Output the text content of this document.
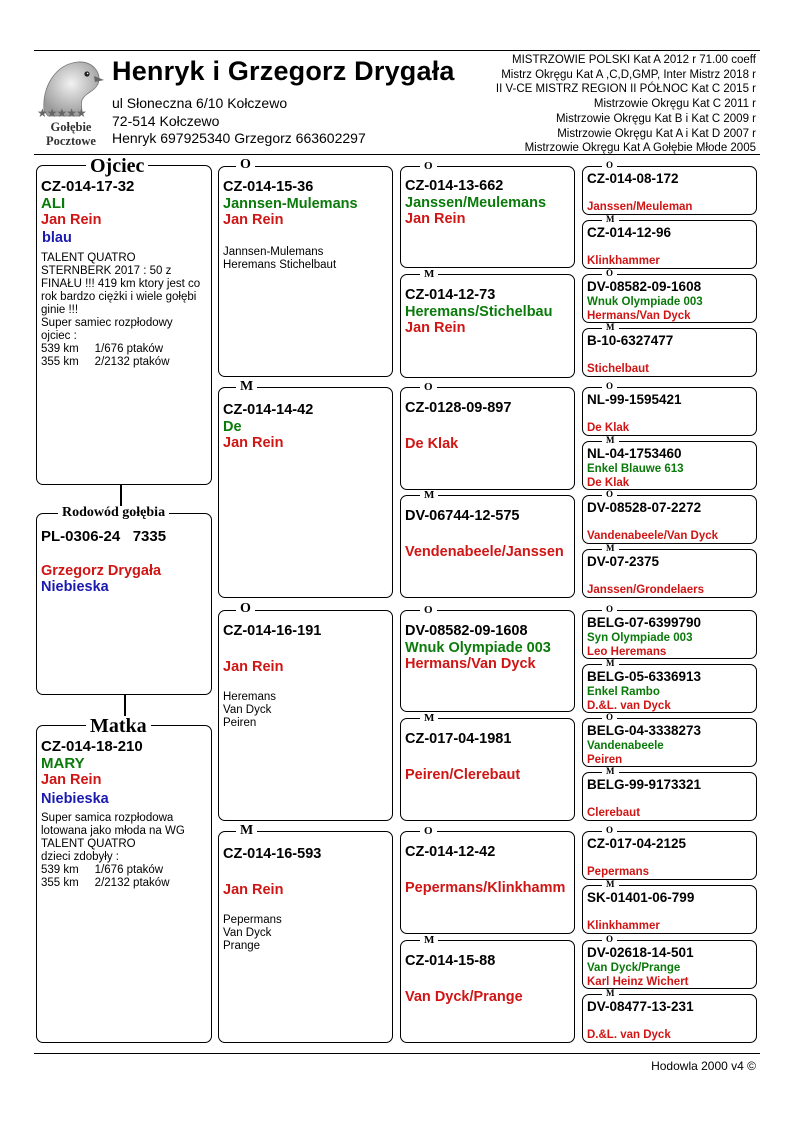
★★★★★
Gołębie
Pocztowe
Henryk i Grzegorz Drygała
ul Słoneczna 6/10 Kołczewo
72-514 Kołczewo
Henryk 697925340 Grzegorz 663602297
MISTRZOWIE POLSKI Kat A 2012 r 71.00 coeff
Mistrz Okręgu Kat A ,C,D,GMP, Inter Mistrz 2018 r
II V-CE MISTRZ REGION II PÓŁNOC Kat C 2015 r
Mistrzowie Okręgu Kat C 2011 r
Mistrzowie Okręgu Kat B i Kat C 2009 r
Mistrzowie Okręgu Kat A i Kat D 2007 r
Mistrzowie Okręgu Kat A Gołębie Młode 2005
CZ-014-17-32
ALI
Jan Rein
blau
TALENT QUATRO
STERNBERK 2017 : 50 z
FINAŁU !!! 419 km ktory jest co
rok bardzo ciężki i wiele gołębi
ginie !!!
Super samiec rozpłodowy
ojciec :
539 km     1/676 ptaków
355 km     2/2132 ptaków
Ojciec
PL-0306-24   7335
Grzegorz Drygała
Niebieska
Rodowód gołębia
CZ-014-18-210
MARY
Jan Rein
Niebieska
Super samica rozpłodowa
lotowana jako młoda na WG
TALENT QUATRO
dzieci zdobyły :
539 km     1/676 ptaków
355 km     2/2132 ptaków
Matka
CZ-014-15-36
Jannsen-Mulemans
Jan Rein
Jannsen-Mulemans
Heremans Stichelbaut
O
CZ-014-14-42
De
Jan Rein
M
CZ-014-16-191
Jan Rein
Heremans
Van Dyck
Peiren
O
CZ-014-16-593
Jan Rein
Pepermans
Van Dyck
Prange
M
CZ-014-13-662
Janssen/Meulemans
Jan Rein
O
CZ-014-12-73
Heremans/Stichelbau
Jan Rein
M
CZ-0128-09-897
De Klak
O
DV-06744-12-575
Vendenabeele/Janssen
M
DV-08582-09-1608
Wnuk Olympiade 003
Hermans/Van Dyck
O
CZ-017-04-1981
Peiren/Clerebaut
M
CZ-014-12-42
Pepermans/Klinkhamm
O
CZ-014-15-88
Van Dyck/Prange
M
CZ-014-08-172
Janssen/Meuleman
O
CZ-014-12-96
Klinkhammer
M
DV-08582-09-1608
Wnuk Olympiade 003
Hermans/Van Dyck
O
B-10-6327477
Stichelbaut
M
NL-99-1595421
De Klak
O
NL-04-1753460
Enkel Blauwe 613
De Klak
M
DV-08528-07-2272
Vandenabeele/Van Dyck
O
DV-07-2375
Janssen/Grondelaers
M
BELG-07-6399790
Syn Olympiade 003
Leo Heremans
O
BELG-05-6336913
Enkel Rambo
D.&L. van Dyck
M
BELG-04-3338273
Vandenabeele
Peiren
O
BELG-99-9173321
Clerebaut
M
CZ-017-04-2125
Pepermans
O
SK-01401-06-799
Klinkhammer
M
DV-02618-14-501
Van Dyck/Prange
Karl Heinz Wichert
O
DV-08477-13-231
D.&L. van Dyck
M
Hodowla 2000 v4 ©
